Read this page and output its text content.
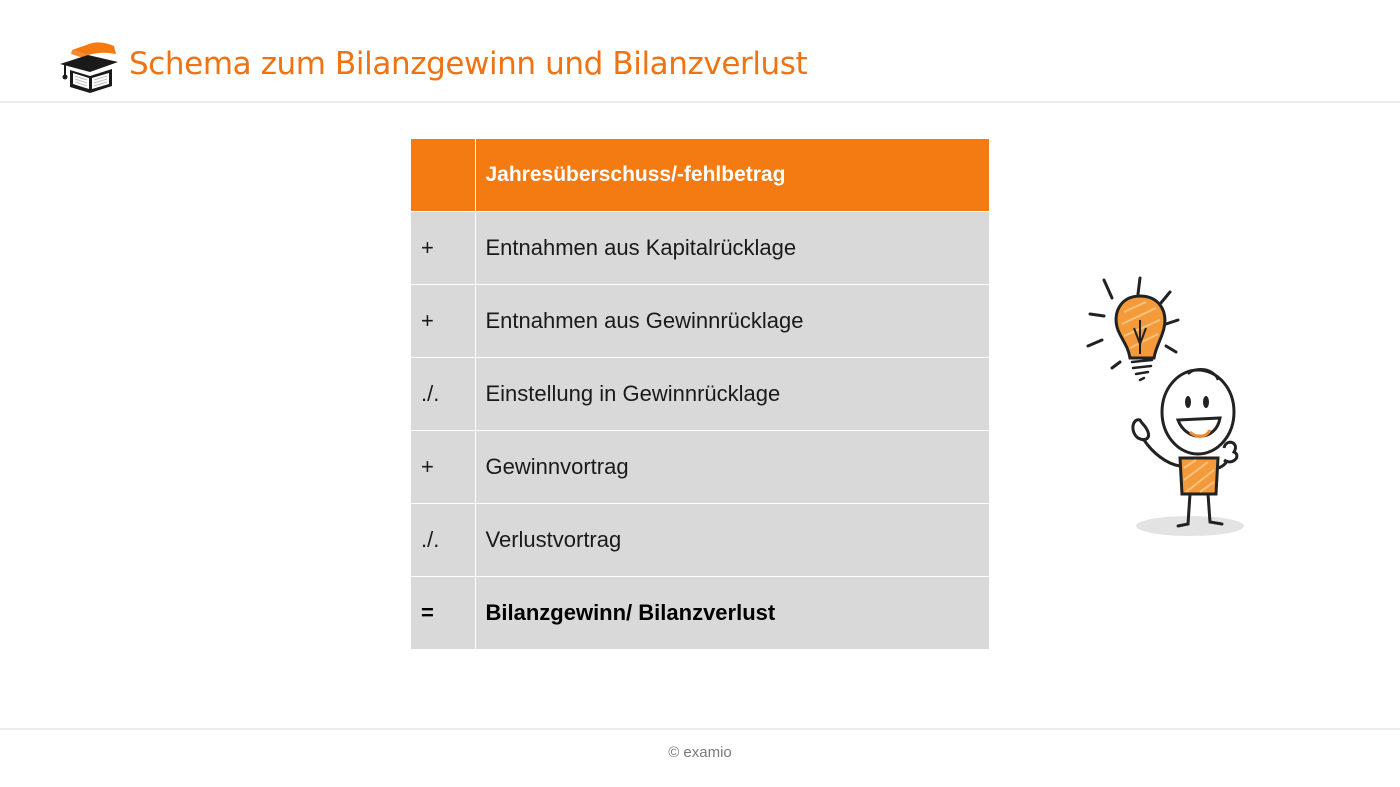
Schema zum Bilanzgewinn und Bilanzverlust
	Jahresüberschuss/-fehlbetrag
+	Entnahmen aus Kapitalrücklage
+	Entnahmen aus Gewinnrücklage
./.	Einstellung in Gewinnrücklage
+	Gewinnvortrag
./.	Verlustvortrag
=	Bilanzgewinn/ Bilanzverlust
© examio
